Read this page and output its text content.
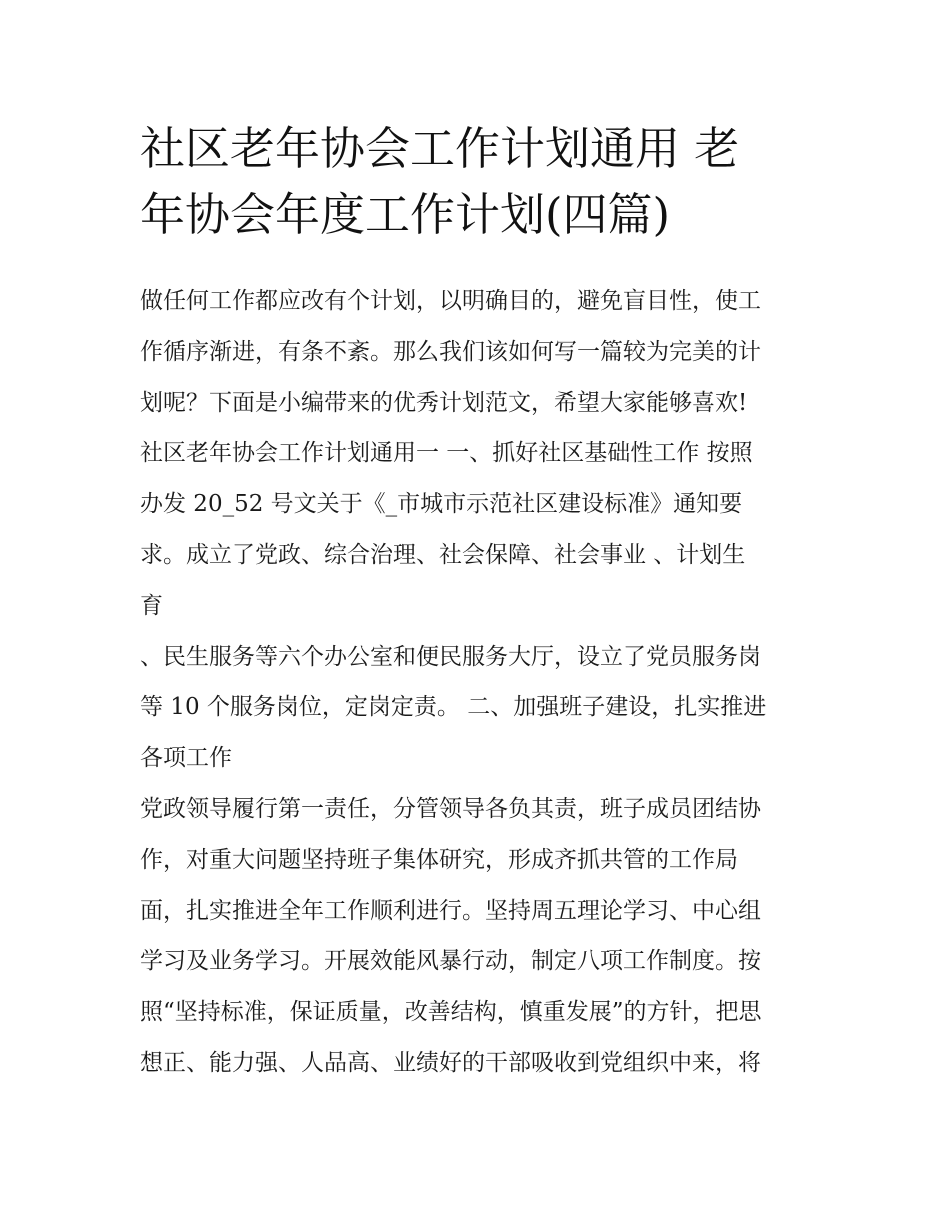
社区老年协会工作计划通用 老
年协会年度工作计划(四篇)
做任何工作都应改有个计划，以明确目的，避免盲目性，使工
作循序渐进，有条不紊。那么我们该如何写一篇较为完美的计
划呢？下面是小编带来的优秀计划范文，希望大家能够喜欢!
社区老年协会工作计划通用一 一、抓好社区基础性工作 按照
办发 20_52 号文关于《_市城市示范社区建设标准》通知要
求。成立了党政、综合治理、社会保障、社会事业 、计划生
育
、民生服务等六个办公室和便民服务大厅，设立了党员服务岗
等 10 个服务岗位，定岗定责。 二、加强班子建设，扎实推进
各项工作
党政领导履行第一责任，分管领导各负其责，班子成员团结协
作，对重大问题坚持班子集体研究，形成齐抓共管的工作局
面，扎实推进全年工作顺利进行。坚持周五理论学习、中心组
学习及业务学习。开展效能风暴行动，制定八项工作制度。按
照“坚持标准，保证质量，改善结构，慎重发展”的方针，把思
想正、能力强、人品高、业绩好的干部吸收到党组织中来，将
